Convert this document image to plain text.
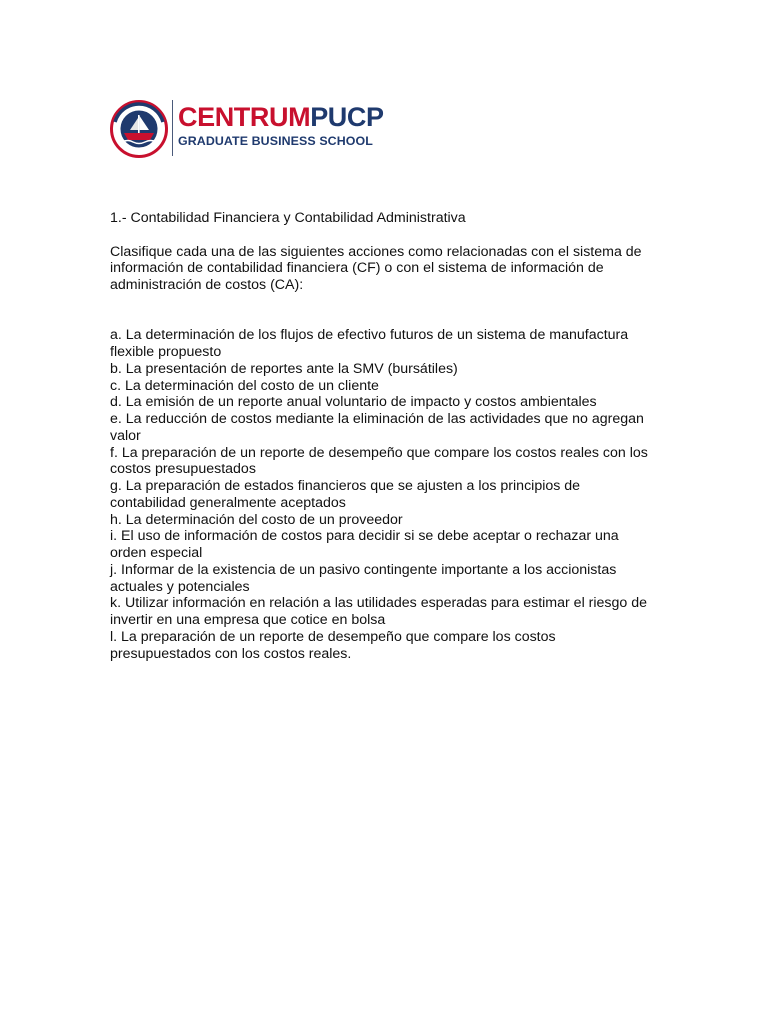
CENTRUMPUCP
GRADUATE BUSINESS SCHOOL

1.- Contabilidad Financiera y Contabilidad Administrativa

Clasifique cada una de las siguientes acciones como relacionadas con el sistema de información de contabilidad financiera (CF) o con el sistema de información de administración de costos (CA):

a. La determinación de los flujos de efectivo futuros de un sistema de manufactura flexible propuesto

b. La presentación de reportes ante la SMV (bursátiles)

c. La determinación del costo de un cliente

d. La emisión de un reporte anual voluntario de impacto y costos ambientales

e. La reducción de costos mediante la eliminación de las actividades que no agregan valor

f. La preparación de un reporte de desempeño que compare los costos reales con los costos presupuestados

g. La preparación de estados financieros que se ajusten a los principios de contabilidad generalmente aceptados

h. La determinación del costo de un proveedor

i. El uso de información de costos para decidir si se debe aceptar o rechazar una orden especial

j. Informar de la existencia de un pasivo contingente importante a los accionistas actuales y potenciales

k. Utilizar información en relación a las utilidades esperadas para estimar el riesgo de invertir en una empresa que cotice en bolsa

l. La preparación de un reporte de desempeño que compare los costos presupuestados con los costos reales.
